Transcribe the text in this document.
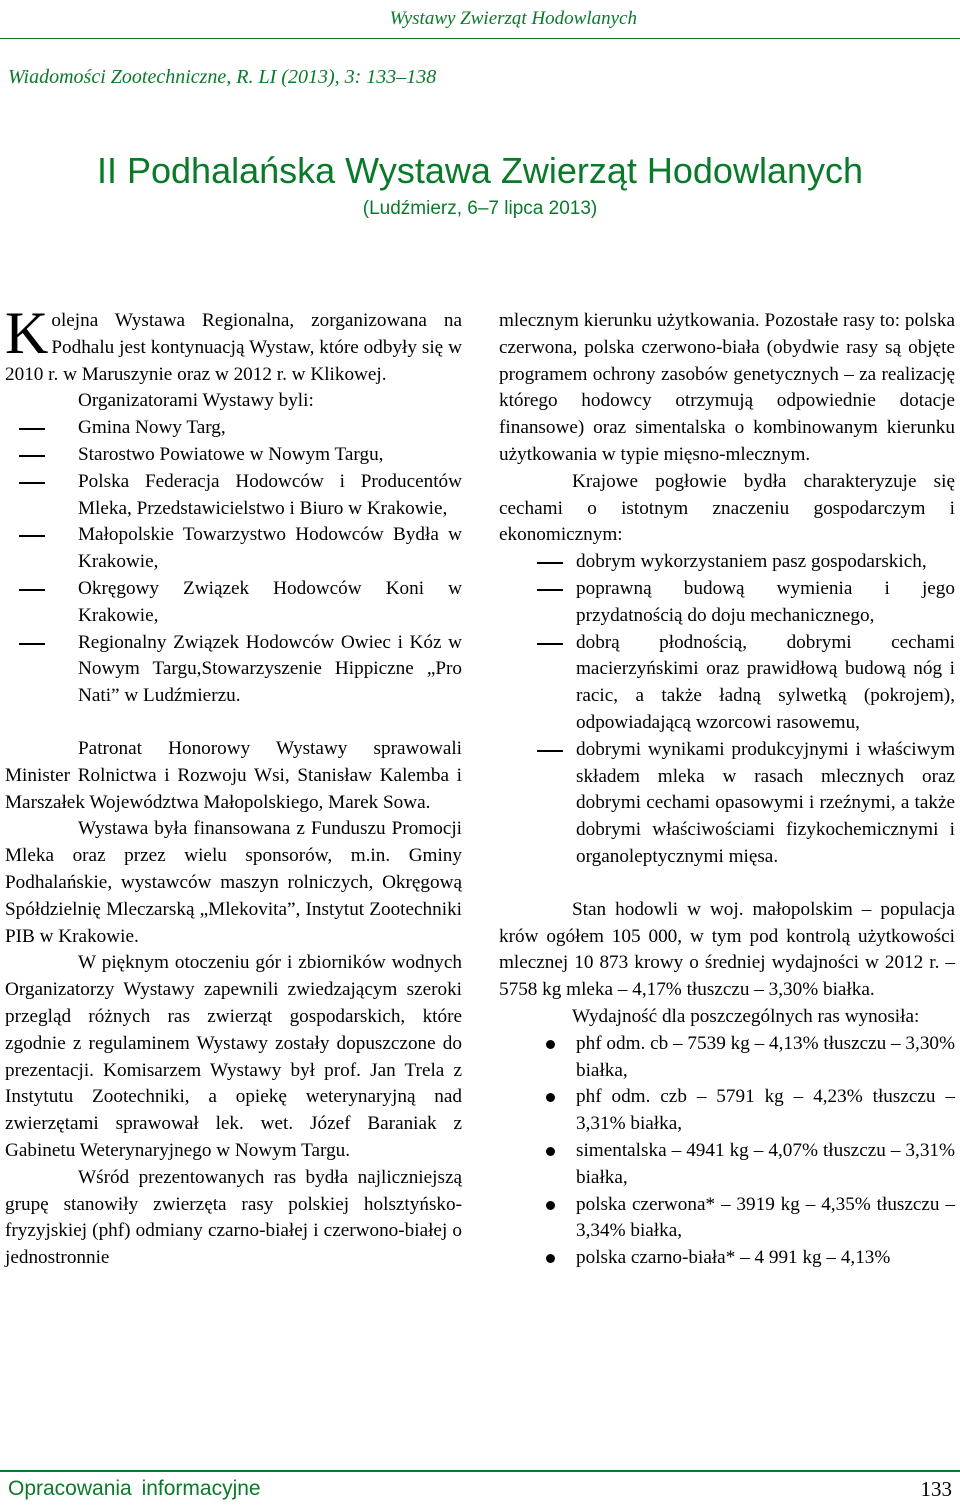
Wystawy Zwierząt Hodowlanych
Wiadomości Zootechniczne, R. LI (2013), 3: 133–138
II Podhalańska Wystawa Zwierząt Hodowlanych
(Ludźmierz, 6–7 lipca 2013)

Kolejna Wystawa Regionalna, zorganizowana na Podhalu jest kontynuacją Wystaw, które odbyły się w 2010 r. w Maruszynie oraz w 2012 r. w Klikowej.

Organizatorami Wystawy byli:

Gmina Nowy Targ,
Starostwo Powiatowe w Nowym Targu,
Polska Federacja Hodowców i Producentów Mleka, Przedstawicielstwo i Biuro w Krakowie,
Małopolskie Towarzystwo Hodowców Bydła w Krakowie,
Okręgowy Związek Hodowców Koni w Krakowie,
Regionalny Związek Hodowców Owiec i Kóz w Nowym Targu,Stowarzyszenie Hippiczne „Pro Nati” w Ludźmierzu.

Patronat Honorowy Wystawy sprawowali Minister Rolnictwa i Rozwoju Wsi, Stanisław Kalemba i Marszałek Województwa Małopolskiego, Marek Sowa.

Wystawa była finansowana z Funduszu Promocji Mleka oraz przez wielu sponsorów, m.in. Gminy Podhalańskie, wystawców maszyn rolniczych, Okręgową Spółdzielnię Mleczarską „Mlekovita”, Instytut Zootechniki PIB w Krakowie.

W pięknym otoczeniu gór i zbiorników wodnych Organizatorzy Wystawy zapewnili zwiedzającym szeroki przegląd różnych ras zwierząt gospodarskich, które zgodnie z regulaminem Wystawy zostały dopuszczone do prezentacji. Komisarzem Wystawy był prof. Jan Trela z Instytutu Zootechniki, a opiekę weterynaryjną nad zwierzętami sprawował lek. wet. Józef Baraniak z Gabinetu Weterynaryjnego w Nowym Targu.

Wśród prezentowanych ras bydła najliczniejszą grupę stanowiły zwierzęta rasy polskiej holsztyńsko-fryzyjskiej (phf) odmiany czarno-białej i czerwono-białej o jednostronnie

mlecznym kierunku użytkowania. Pozostałe rasy to: polska czerwona, polska czerwono-biała (obydwie rasy są objęte programem ochrony zasobów genetycznych – za realizację którego hodowcy otrzymują odpowiednie dotacje finansowe) oraz simentalska o kombinowanym kierunku użytkowania w typie mięsno-mlecznym.

Krajowe pogłowie bydła charakteryzuje się cechami o istotnym znaczeniu gospodarczym i ekonomicznym:

dobrym wykorzystaniem pasz gospodarskich,
poprawną budową wymienia i jego przydatnością do doju mechanicznego,
dobrą płodnością, dobrymi cechami macierzyńskimi oraz prawidłową budową nóg i racic, a także ładną sylwetką (pokrojem), odpowiadającą wzorcowi rasowemu,
dobrymi wynikami produkcyjnymi i właściwym składem mleka w rasach mlecznych oraz dobrymi cechami opasowymi i rzeźnymi, a także dobrymi właściwościami fizykochemicznymi i organoleptycznymi mięsa.

Stan hodowli w woj. małopolskim – populacja krów ogółem 105 000, w tym pod kontrolą użytkowości mlecznej 10 873 krowy o średniej wydajności w 2012 r. – 5758 kg mleka – 4,17% tłuszczu – 3,30% białka.

Wydajność dla poszczególnych ras wynosiła:

phf odm. cb – 7539 kg – 4,13% tłuszczu – 3,30% białka,
phf odm. czb – 5791 kg – 4,23% tłuszczu – 3,31% białka,
simentalska – 4941 kg – 4,07% tłuszczu – 3,31% białka,
polska czerwona* – 3919 kg – 4,35% tłuszczu – 3,34% białka,
polska czarno-biała* – 4 991 kg – 4,13%
Opracowania informacyjne	133
